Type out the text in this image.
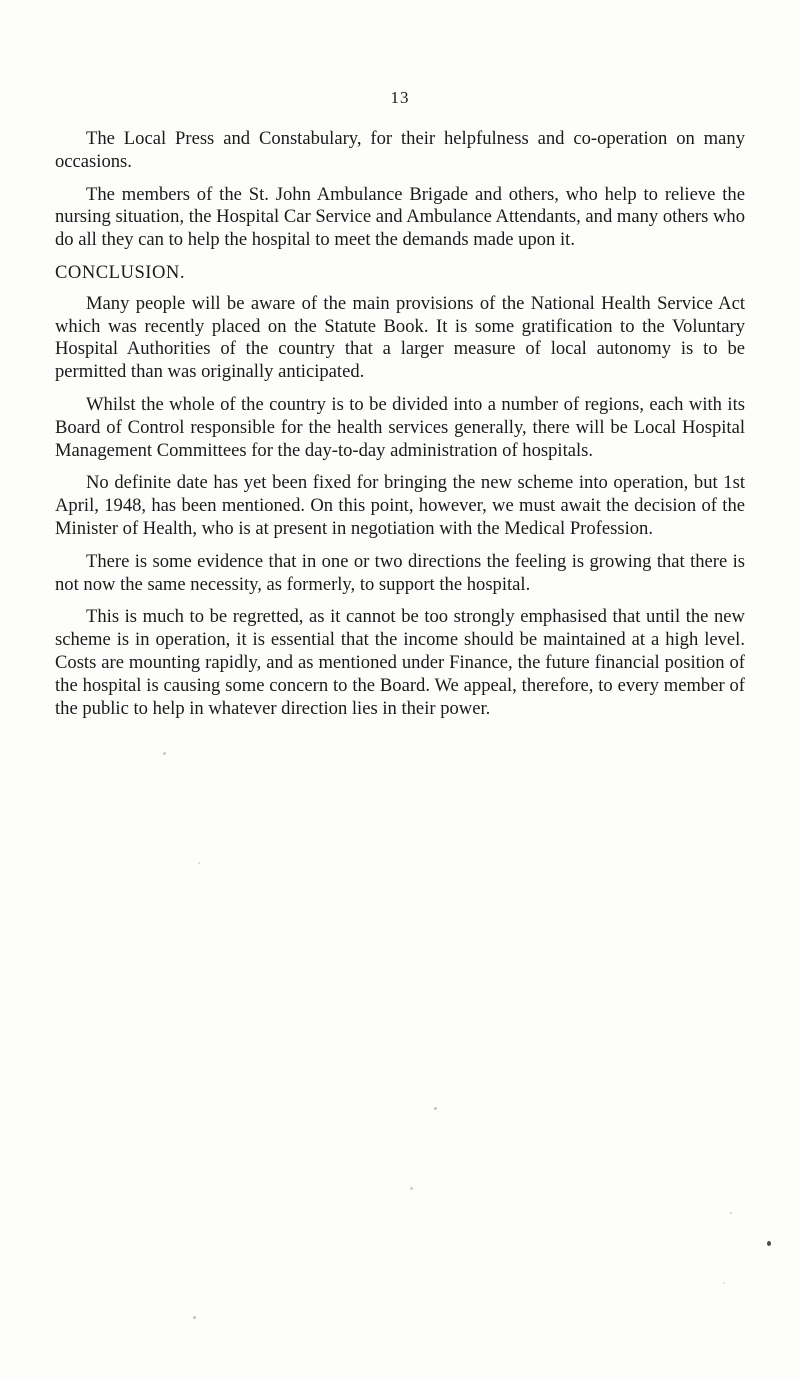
13

The Local Press and Constabulary, for their helpfulness and co-operation on many occasions.

The members of the St. John Ambulance Brigade and others, who help to relieve the nursing situation, the Hospital Car Service and Ambulance Attendants, and many others who do all they can to help the hospital to meet the demands made upon it.

CONCLUSION.

Many people will be aware of the main provisions of the National Health Service Act which was recently placed on the Statute Book. It is some gratification to the Voluntary Hospital Authorities of the country that a larger measure of local autonomy is to be permitted than was originally anticipated.

Whilst the whole of the country is to be divided into a number of regions, each with its Board of Control responsible for the health services generally, there will be Local Hospital Management Committees for the day-to-day administration of hospitals.

No definite date has yet been fixed for bringing the new scheme into operation, but 1st April, 1948, has been mentioned. On this point, however, we must await the decision of the Minister of Health, who is at present in negotiation with the Medical Profession.

There is some evidence that in one or two directions the feeling is growing that there is not now the same necessity, as formerly, to support the hospital.

This is much to be regretted, as it cannot be too strongly emphasised that until the new scheme is in operation, it is essential that the income should be maintained at a high level. Costs are mounting rapidly, and as mentioned under Finance, the future financial position of the hospital is causing some concern to the Board. We appeal, therefore, to every member of the public to help in whatever direction lies in their power.
